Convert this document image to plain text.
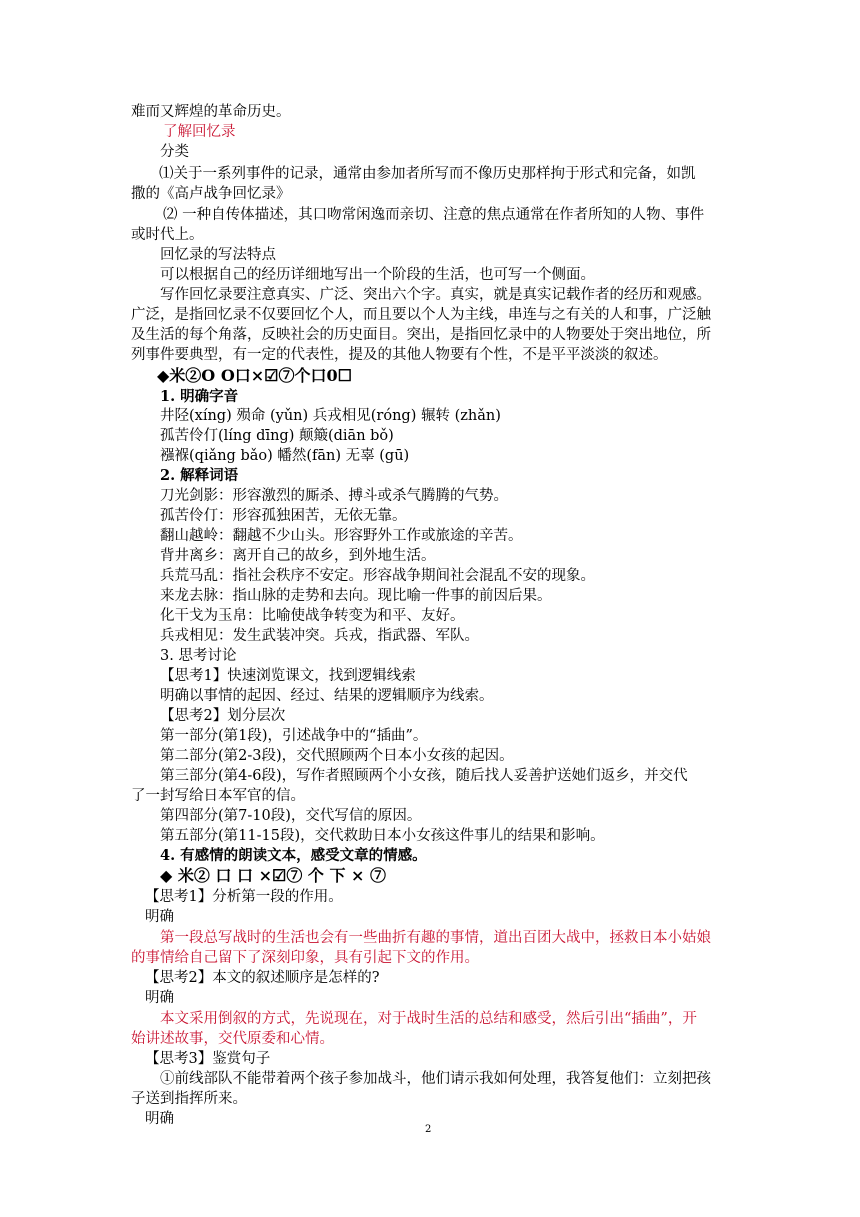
难而又辉煌的革命历史。
了解回忆录
分类
⑴关于一系列事件的记录，通常由参加者所写而不像历史那样拘于形式和完备，如凯
撒的《高卢战争回忆录》
⑵ 一种自传体描述，其口吻常闲逸而亲切、注意的焦点通常在作者所知的人物、事件
或时代上。
回忆录的写法特点
可以根据自己的经历详细地写出一个阶段的生活，也可写一个侧面。
写作回忆录要注意真实、广泛、突出六个字。真实，就是真实记载作者的经历和观感。
广泛，是指回忆录不仅要回忆个人，而且要以个人为主线，串连与之有关的人和事，广泛触
及生活的每个角落，反映社会的历史面目。突出，是指回忆录中的人物要处于突出地位，所
列事件要典型，有一定的代表性，提及的其他人物要有个性，不是平平淡淡的叙述。
◆米②O O口×☑⑦个口0☐
1. 明确字音
井陉(xíng) 殒命 (yǔn) 兵戎相见(róng) 辗转 (zhǎn)
孤苦伶仃(líng dīng) 颠簸(diān bǒ)
襁褓(qiǎng bǎo) 幡然(fān) 无辜 (gū)
2. 解释词语
刀光剑影：形容激烈的厮杀、搏斗或杀气腾腾的气势。
孤苦伶仃：形容孤独困苦，无依无靠。
翻山越岭：翻越不少山头。形容野外工作或旅途的辛苦。
背井离乡：离开自己的故乡，到外地生活。
兵荒马乱：指社会秩序不安定。形容战争期间社会混乱不安的现象。
来龙去脉：指山脉的走势和去向。现比喻一件事的前因后果。
化干戈为玉帛：比喻使战争转变为和平、友好。
兵戎相见：发生武装冲突。兵戎，指武器、军队。
3. 思考讨论
【思考1】快速浏览课文，找到逻辑线索
明确以事情的起因、经过、结果的逻辑顺序为线索。
【思考2】划分层次
第一部分(第1段)，引述战争中的“插曲”。
第二部分(第2-3段)，交代照顾两个日本小女孩的起因。
第三部分(第4-6段)，写作者照顾两个小女孩，随后找人妥善护送她们返乡，并交代
了一封写给日本军官的信。
第四部分(第7-10段)，交代写信的原因。
第五部分(第11-15段)，交代救助日本小女孩这件事儿的结果和影响。
4. 有感情的朗读文本，感受文章的情感。
◆ 米② 口 口 ×☑⑦ 个 下 × ⑦
【思考1】分析第一段的作用。
明确
第一段总写战时的生活也会有一些曲折有趣的事情，道出百团大战中，拯救日本小姑娘
的事情给自己留下了深刻印象，具有引起下文的作用。
【思考2】本文的叙述顺序是怎样的?
明确
本文采用倒叙的方式，先说现在，对于战时生活的总结和感受，然后引出“插曲”，开
始讲述故事，交代原委和心情。
【思考3】鉴赏句子
①前线部队不能带着两个孩子参加战斗，他们请示我如何处理，我答复他们：立刻把孩
子送到指挥所来。
明确
2
